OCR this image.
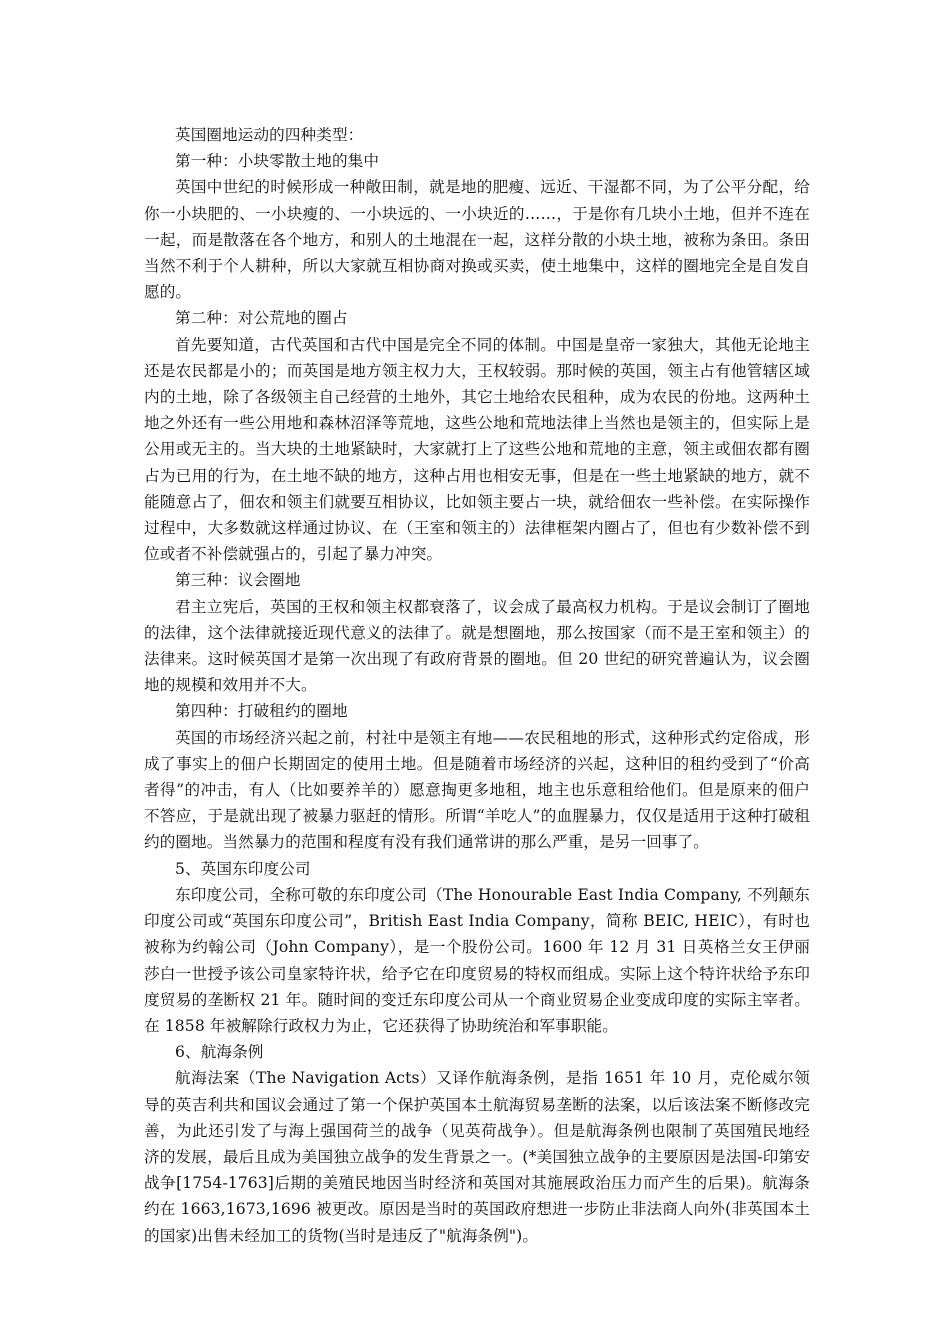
英国圈地运动的四种类型：

第一种：小块零散土地的集中

英国中世纪的时候形成一种敞田制，就是地的肥瘦、远近、干湿都不同，为了公平分配，给你一小块肥的、一小块瘦的、一小块远的、一小块近的……，于是你有几块小土地，但并不连在一起，而是散落在各个地方，和别人的土地混在一起，这样分散的小块土地，被称为条田。条田当然不利于个人耕种，所以大家就互相协商对换或买卖，使土地集中，这样的圈地完全是自发自愿的。

第二种：对公荒地的圈占

首先要知道，古代英国和古代中国是完全不同的体制。中国是皇帝一家独大，其他无论地主还是农民都是小的；而英国是地方领主权力大，王权较弱。那时候的英国，领主占有他管辖区域内的土地，除了各级领主自己经营的土地外，其它土地给农民租种，成为农民的份地。这两种土地之外还有一些公用地和森林沼泽等荒地，这些公地和荒地法律上当然也是领主的，但实际上是公用或无主的。当大块的土地紧缺时，大家就打上了这些公地和荒地的主意，领主或佃农都有圈占为已用的行为，在土地不缺的地方，这种占用也相安无事，但是在一些土地紧缺的地方，就不能随意占了，佃农和领主们就要互相协议，比如领主要占一块，就给佃农一些补偿。在实际操作过程中，大多数就这样通过协议、在（王室和领主的）法律框架内圈占了，但也有少数补偿不到位或者不补偿就强占的，引起了暴力冲突。

第三种：议会圈地

君主立宪后，英国的王权和领主权都衰落了，议会成了最高权力机构。于是议会制订了圈地的法律，这个法律就接近现代意义的法律了。就是想圈地，那么按国家（而不是王室和领主）的法律来。这时候英国才是第一次出现了有政府背景的圈地。但 20 世纪的研究普遍认为，议会圈地的规模和效用并不大。

第四种：打破租约的圈地

英国的市场经济兴起之前，村社中是领主有地——农民租地的形式，这种形式约定俗成，形成了事实上的佃户长期固定的使用土地。但是随着市场经济的兴起，这种旧的租约受到了“价高者得”的冲击，有人（比如要养羊的）愿意掏更多地租，地主也乐意租给他们。但是原来的佃户不答应，于是就出现了被暴力驱赶的情形。所谓“羊吃人”的血腥暴力，仅仅是适用于这种打破租约的圈地。当然暴力的范围和程度有没有我们通常讲的那么严重，是另一回事了。

5、英国东印度公司

东印度公司，全称可敬的东印度公司（The Honourable East India Company, 不列颠东印度公司或“英国东印度公司”，British East India Company，简称 BEIC, HEIC），有时也被称为约翰公司（John Company），是一个股份公司。1600 年 12 月 31 日英格兰女王伊丽莎白一世授予该公司皇家特许状，给予它在印度贸易的特权而组成。实际上这个特许状给予东印度贸易的垄断权 21 年。随时间的变迁东印度公司从一个商业贸易企业变成印度的实际主宰者。在 1858 年被解除行政权力为止，它还获得了协助统治和军事职能。

6、航海条例

航海法案（The Navigation Acts）又译作航海条例，是指 1651 年 10 月，克伦威尔领导的英吉利共和国议会通过了第一个保护英国本土航海贸易垄断的法案，以后该法案不断修改完善，为此还引发了与海上强国荷兰的战争（见英荷战争）。但是航海条例也限制了英国殖民地经济的发展，最后且成为美国独立战争的发生背景之一。(*美国独立战争的主要原因是法国-印第安战争[1754-1763]后期的美殖民地因当时经济和英国对其施展政治压力而产生的后果)。航海条约在 1663,1673,1696 被更改。原因是当时的英国政府想进一步防止非法商人向外(非英国本土的国家)出售未经加工的货物(当时是违反了"航海条例")。
